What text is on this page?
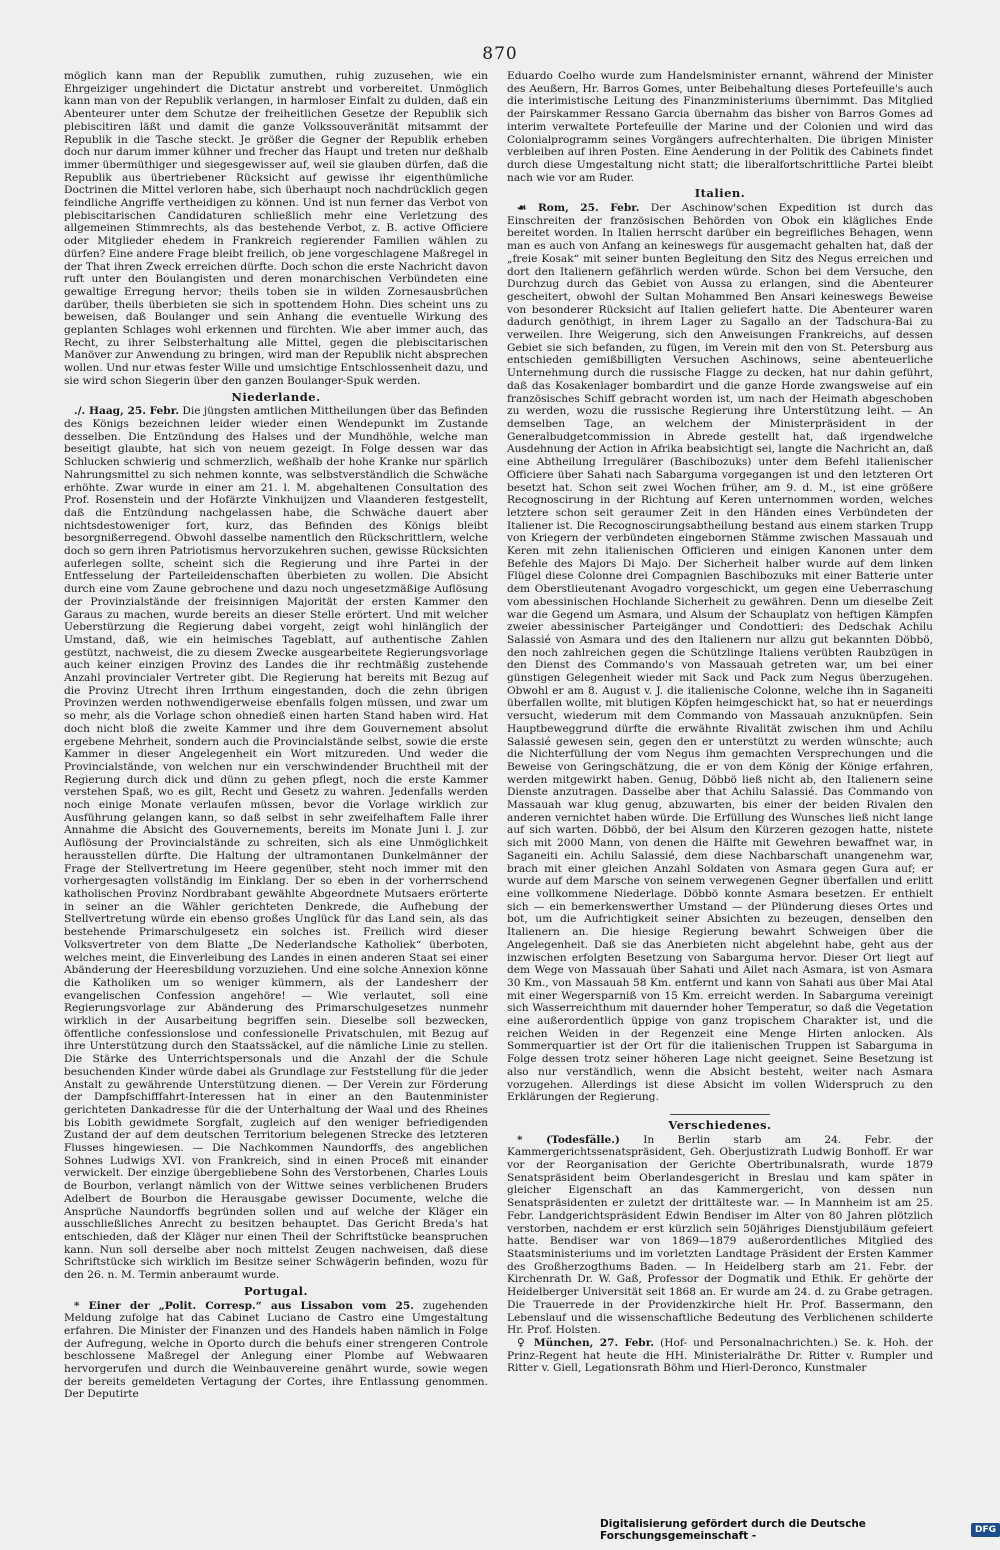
870

möglich kann man der Republik zumuthen, ruhig zuzusehen, wie ein Ehrgeiziger ungehindert die Dictatur anstrebt und vorbereitet. Unmöglich kann man von der Republik verlangen, in harmloser Einfalt zu dulden, daß ein Abenteurer unter dem Schutze der freiheitlichen Gesetze der Republik sich plebiscitiren läßt und damit die ganze Volkssouveränität mitsammt der Republik in die Tasche steckt. Je größer die Gegner der Republik erheben doch nur darum immer kühner und frecher das Haupt und treten nur deßhalb immer übermüthiger und siegesgewisser auf, weil sie glauben dürfen, daß die Republik aus übertriebener Rücksicht auf gewisse ihr eigenthümliche Doctrinen die Mittel verloren habe, sich überhaupt noch nachdrücklich gegen feindliche Angriffe vertheidigen zu können. Und ist nun ferner das Verbot von plebiscitarischen Candidaturen schließlich mehr eine Verletzung des allgemeinen Stimmrechts, als das bestehende Verbot, z. B. active Officiere oder Mitglieder ehedem in Frankreich regierender Familien wählen zu dürfen? Eine andere Frage bleibt freilich, ob jene vorgeschlagene Maßregel in der That ihren Zweck erreichen dürfte. Doch schon die erste Nachricht davon ruft unter den Boulangisten und deren monarchischen Verbündeten eine gewaltige Erregung hervor; theils toben sie in wilden Zornesausbrüchen darüber, theils überbieten sie sich in spottendem Hohn. Dies scheint uns zu beweisen, daß Boulanger und sein Anhang die eventuelle Wirkung des geplanten Schlages wohl erkennen und fürchten. Wie aber immer auch, das Recht, zu ihrer Selbsterhaltung alle Mittel, gegen die plebiscitarischen Manöver zur Anwendung zu bringen, wird man der Republik nicht absprechen wollen. Und nur etwas fester Wille und umsichtige Entschlossenheit dazu, und sie wird schon Siegerin über den ganzen Boulanger-Spuk werden.

Niederlande.

./. Haag, 25. Febr. Die jüngsten amtlichen Mittheilungen über das Befinden des Königs bezeichnen leider wieder einen Wendepunkt im Zustande desselben. Die Entzündung des Halses und der Mundhöhle, welche man beseitigt glaubte, hat sich von neuem gezeigt. In Folge dessen war das Schlucken schwierig und schmerzlich, weßhalb der hohe Kranke nur spärlich Nahrungsmittel zu sich nehmen konnte, was selbstverständlich die Schwäche erhöhte. Zwar wurde in einer am 21. l. M. abgehaltenen Consultation des Prof. Rosenstein und der Hofärzte Vinkhuijzen und Vlaanderen festgestellt, daß die Entzündung nachgelassen habe, die Schwäche dauert aber nichtsdestoweniger fort, kurz, das Befinden des Königs bleibt besorgnißerregend. Obwohl dasselbe namentlich den Rückschrittlern, welche doch so gern ihren Patriotismus hervorzukehren suchen, gewisse Rücksichten auferlegen sollte, scheint sich die Regierung und ihre Partei in der Entfesselung der Parteileidenschaften überbieten zu wollen. Die Absicht durch eine vom Zaune gebrochene und dazu noch ungesetzmäßige Auflösung der Provinzialstände der freisinnigen Majorität der ersten Kammer den Garaus zu machen, wurde bereits an dieser Stelle erörtert. Und mit welcher Ueberstürzung die Regierung dabei vorgeht, zeigt wohl hinlänglich der Umstand, daß, wie ein heimisches Tageblatt, auf authentische Zahlen gestützt, nachweist, die zu diesem Zwecke ausgearbeitete Regierungsvorlage auch keiner einzigen Provinz des Landes die ihr rechtmäßig zustehende Anzahl provincialer Vertreter gibt. Die Regierung hat bereits mit Bezug auf die Provinz Utrecht ihren Irrthum eingestanden, doch die zehn übrigen Provinzen werden nothwendigerweise ebenfalls folgen müssen, und zwar um so mehr, als die Vorlage schon ohnedieß einen harten Stand haben wird. Hat doch nicht bloß die zweite Kammer und ihre dem Gouvernement absolut ergebene Mehrheit, sondern auch die Provincialstände selbst, sowie die erste Kammer in dieser Angelegenheit ein Wort mitzureden. Und weder die Provincialstände, von welchen nur ein verschwindender Bruchtheil mit der Regierung durch dick und dünn zu gehen pflegt, noch die erste Kammer verstehen Spaß, wo es gilt, Recht und Gesetz zu wahren. Jedenfalls werden noch einige Monate verlaufen müssen, bevor die Vorlage wirklich zur Ausführung gelangen kann, so daß selbst in sehr zweifelhaftem Falle ihrer Annahme die Absicht des Gouvernements, bereits im Monate Juni l. J. zur Auflösung der Provincialstände zu schreiten, sich als eine Unmöglichkeit herausstellen dürfte. Die Haltung der ultramontanen Dunkelmänner der Frage der Stellvertretung im Heere gegenüber, steht noch immer mit den vorhergesagten vollständig im Einklang. Der so eben in der vorherrschend katholischen Provinz Nordbrabant gewählte Abgeordnete Mutsaers erörterte in seiner an die Wähler gerichteten Denkrede, die Aufhebung der Stellvertretung würde ein ebenso großes Unglück für das Land sein, als das bestehende Primarschulgesetz ein solches ist. Freilich wird dieser Volksvertreter von dem Blatte „De Nederlandsche Katholiek“ überboten, welches meint, die Einverleibung des Landes in einen anderen Staat sei einer Abänderung der Heeresbildung vorzuziehen. Und eine solche Annexion könne die Katholiken um so weniger kümmern, als der Landesherr der evangelischen Confession angehöre! — Wie verlautet, soll eine Regierungsvorlage zur Abänderung des Primarschulgesetzes nunmehr wirklich in der Ausarbeitung begriffen sein. Dieselbe soll bezwecken, öffentliche confessionslose und confessionelle Privatschulen, mit Bezug auf ihre Unterstützung durch den Staatssäckel, auf die nämliche Linie zu stellen. Die Stärke des Unterrichtspersonals und die Anzahl der die Schule besuchenden Kinder würde dabei als Grundlage zur Feststellung für die jeder Anstalt zu gewährende Unterstützung dienen. — Der Verein zur Förderung der Dampfschifffahrt-Interessen hat in einer an den Bautenminister gerichteten Dankadresse für die der Unterhaltung der Waal und des Rheines bis Lobith gewidmete Sorgfalt, zugleich auf den weniger befriedigenden Zustand der auf dem deutschen Territorium belegenen Strecke des letzteren Flusses hingewiesen. — Die Nachkommen Naundorffs, des angeblichen Sohnes Ludwigs XVI. von Frankreich, sind in einen Proceß mit einander verwickelt. Der einzige übergebliebene Sohn des Verstorbenen, Charles Louis de Bourbon, verlangt nämlich von der Wittwe seines verblichenen Bruders Adelbert de Bourbon die Herausgabe gewisser Documente, welche die Ansprüche Naundorffs begründen sollen und auf welche der Kläger ein ausschließliches Anrecht zu besitzen behauptet. Das Gericht Breda's hat entschieden, daß der Kläger nur einen Theil der Schriftstücke beanspruchen kann. Nun soll derselbe aber noch mittelst Zeugen nachweisen, daß diese Schriftstücke sich wirklich im Besitze seiner Schwägerin befinden, wozu für den 26. n. M. Termin anberaumt wurde.

Portugal.

* Einer der „Polit. Corresp.“ aus Lissabon vom 25. zugehenden Meldung zufolge hat das Cabinet Luciano de Castro eine Umgestaltung erfahren. Die Minister der Finanzen und des Handels haben nämlich in Folge der Aufregung, welche in Oporto durch die behufs einer strengeren Controle beschlossene Maßregel der Anlegung einer Plombe auf Webwaaren hervorgerufen und durch die Weinbauvereine genährt wurde, sowie wegen der bereits gemeldeten Vertagung der Cortes, ihre Entlassung genommen. Der Deputirte

Eduardo Coelho wurde zum Handelsminister ernannt, während der Minister des Aeußern, Hr. Barros Gomes, unter Beibehaltung dieses Portefeuille's auch die interimistische Leitung des Finanzministeriums übernimmt. Das Mitglied der Pairskammer Ressano Garcia übernahm das bisher von Barros Gomes ad interim verwaltete Portefeuille der Marine und der Colonien und wird das Colonialprogramm seines Vorgängers aufrechterhalten. Die übrigen Minister verbleiben auf ihren Posten. Eine Aenderung in der Politik des Cabinets findet durch diese Umgestaltung nicht statt; die liberalfortschrittliche Partei bleibt nach wie vor am Ruder.

Italien.

☙ Rom, 25. Febr. Der Aschinow'schen Expedition ist durch das Einschreiten der französischen Behörden von Obok ein klägliches Ende bereitet worden. In Italien herrscht darüber ein begreifliches Behagen, wenn man es auch von Anfang an keineswegs für ausgemacht gehalten hat, daß der „freie Kosak“ mit seiner bunten Begleitung den Sitz des Negus erreichen und dort den Italienern gefährlich werden würde. Schon bei dem Versuche, den Durchzug durch das Gebiet von Aussa zu erlangen, sind die Abenteurer gescheitert, obwohl der Sultan Mohammed Ben Ansari keineswegs Beweise von besonderer Rücksicht auf Italien geliefert hatte. Die Abenteurer waren dadurch genöthigt, in ihrem Lager zu Sagallo an der Tadschura-Bai zu verweilen. Ihre Weigerung, sich den Anweisungen Frankreichs, auf dessen Gebiet sie sich befanden, zu fügen, im Verein mit den von St. Petersburg aus entschieden gemißbilligten Versuchen Aschinows, seine abenteuerliche Unternehmung durch die russische Flagge zu decken, hat nur dahin geführt, daß das Kosakenlager bombardirt und die ganze Horde zwangsweise auf ein französisches Schiff gebracht worden ist, um nach der Heimath abgeschoben zu werden, wozu die russische Regierung ihre Unterstützung leiht. — An demselben Tage, an welchem der Ministerpräsident in der Generalbudgetcommission in Abrede gestellt hat, daß irgendwelche Ausdehnung der Action in Afrika beabsichtigt sei, langte die Nachricht an, daß eine Abtheilung Irregulärer (Baschibozuks) unter dem Befehl italienischer Officiere über Sahati nach Sabarguma vorgegangen ist und den letzteren Ort besetzt hat. Schon seit zwei Wochen früher, am 9. d. M., ist eine größere Recognoscirung in der Richtung auf Keren unternommen worden, welches letztere schon seit geraumer Zeit in den Händen eines Verbündeten der Italiener ist. Die Recognoscirungsabtheilung bestand aus einem starken Trupp von Kriegern der verbündeten eingebornen Stämme zwischen Massauah und Keren mit zehn italienischen Officieren und einigen Kanonen unter dem Befehle des Majors Di Majo. Der Sicherheit halber wurde auf dem linken Flügel diese Colonne drei Compagnien Baschibozuks mit einer Batterie unter dem Oberstlieutenant Avogadro vorgeschickt, um gegen eine Ueberraschung vom abessinischen Hochlande Sicherheit zu gewähren. Denn um dieselbe Zeit war die Gegend um Asmara, und Alsum der Schauplatz von heftigen Kämpfen zweier abessinischer Parteigänger und Condottieri: des Dedschak Achilu Salassié von Asmara und des den Italienern nur allzu gut bekannten Döbbö, den noch zahlreichen gegen die Schützlinge Italiens verübten Raubzügen in den Dienst des Commando's von Massauah getreten war, um bei einer günstigen Gelegenheit wieder mit Sack und Pack zum Negus überzugehen. Obwohl er am 8. August v. J. die italienische Colonne, welche ihn in Saganeiti überfallen wollte, mit blutigen Köpfen heimgeschickt hat, so hat er neuerdings versucht, wiederum mit dem Commando von Massauah anzuknüpfen. Sein Hauptbeweggrund dürfte die erwähnte Rivalität zwischen ihm und Achilu Salassié gewesen sein, gegen den er unterstützt zu werden wünschte; auch die Nichterfüllung der vom Negus ihm gemachten Versprechungen und die Beweise von Geringschätzung, die er von dem König der Könige erfahren, werden mitgewirkt haben. Genug, Döbbö ließ nicht ab, den Italienern seine Dienste anzutragen. Dasselbe aber that Achilu Salassié. Das Commando von Massauah war klug genug, abzuwarten, bis einer der beiden Rivalen den anderen vernichtet haben würde. Die Erfüllung des Wunsches ließ nicht lange auf sich warten. Döbbö, der bei Alsum den Kürzeren gezogen hatte, nistete sich mit 2000 Mann, von denen die Hälfte mit Gewehren bewaffnet war, in Saganeiti ein. Achilu Salassié, dem diese Nachbarschaft unangenehm war, brach mit einer gleichen Anzahl Soldaten von Asmara gegen Gura auf; er wurde auf dem Marsche von seinem verwegenen Gegner überfallen und erlitt eine vollkommene Niederlage. Döbbö konnte Asmara besetzen. Er enthielt sich — ein bemerkenswerther Umstand — der Plünderung dieses Ortes und bot, um die Aufrichtigkeit seiner Absichten zu bezeugen, denselben den Italienern an. Die hiesige Regierung bewahrt Schweigen über die Angelegenheit. Daß sie das Anerbieten nicht abgelehnt habe, geht aus der inzwischen erfolgten Besetzung von Sabarguma hervor. Dieser Ort liegt auf dem Wege von Massauah über Sahati und Ailet nach Asmara, ist von Asmara 30 Km., von Massauah 58 Km. entfernt und kann von Sahati aus über Mai Atal mit einer Wegersparniß von 15 Km. erreicht werden. In Sabarguma vereinigt sich Wasserreichthum mit dauernder hoher Temperatur, so daß die Vegetation eine außerordentlich üppige von ganz tropischem Charakter ist, und die reichen Weiden in der Regenzeit eine Menge Hirten anlocken. Als Sommerquartier ist der Ort für die italienischen Truppen ist Sabarguma in Folge dessen trotz seiner höheren Lage nicht geeignet. Seine Besetzung ist also nur verständlich, wenn die Absicht besteht, weiter nach Asmara vorzugehen. Allerdings ist diese Absicht im vollen Widerspruch zu den Erklärungen der Regierung.

Verschiedenes.

* (Todesfälle.) In Berlin starb am 24. Febr. der Kammergerichtssenatspräsident, Geh. Oberjustizrath Ludwig Bonhoff. Er war vor der Reorganisation der Gerichte Obertribunalsrath, wurde 1879 Senatspräsident beim Oberlandesgericht in Breslau und kam später in gleicher Eigenschaft an das Kammergericht, von dessen nun Senatspräsidenten er zuletzt der drittälteste war. — In Mannheim ist am 25. Febr. Landgerichtspräsident Edwin Bendiser im Alter von 80 Jahren plötzlich verstorben, nachdem er erst kürzlich sein 50jähriges Dienstjubiläum gefeiert hatte. Bendiser war von 1869—1879 außerordentliches Mitglied des Staatsministeriums und im vorletzten Landtage Präsident der Ersten Kammer des Großherzogthums Baden. — In Heidelberg starb am 21. Febr. der Kirchenrath Dr. W. Gaß, Professor der Dogmatik und Ethik. Er gehörte der Heidelberger Universität seit 1868 an. Er wurde am 24. d. zu Grabe getragen. Die Trauerrede in der Providenzkirche hielt Hr. Prof. Bassermann, den Lebenslauf und die wissenschaftliche Bedeutung des Verblichenen schilderte Hr. Prof. Holsten.

♀ München, 27. Febr. (Hof- und Personalnachrichten.) Se. k. Hoh. der Prinz-Regent hat heute die HH. Ministerialräthe Dr. Ritter v. Rumpler und Ritter v. Giell, Legationsrath Böhm und Hierl-Deronco, Kunstmaler

Digitalisierung gefördert durch die Deutsche Forschungsgemeinschaft -	DFG
